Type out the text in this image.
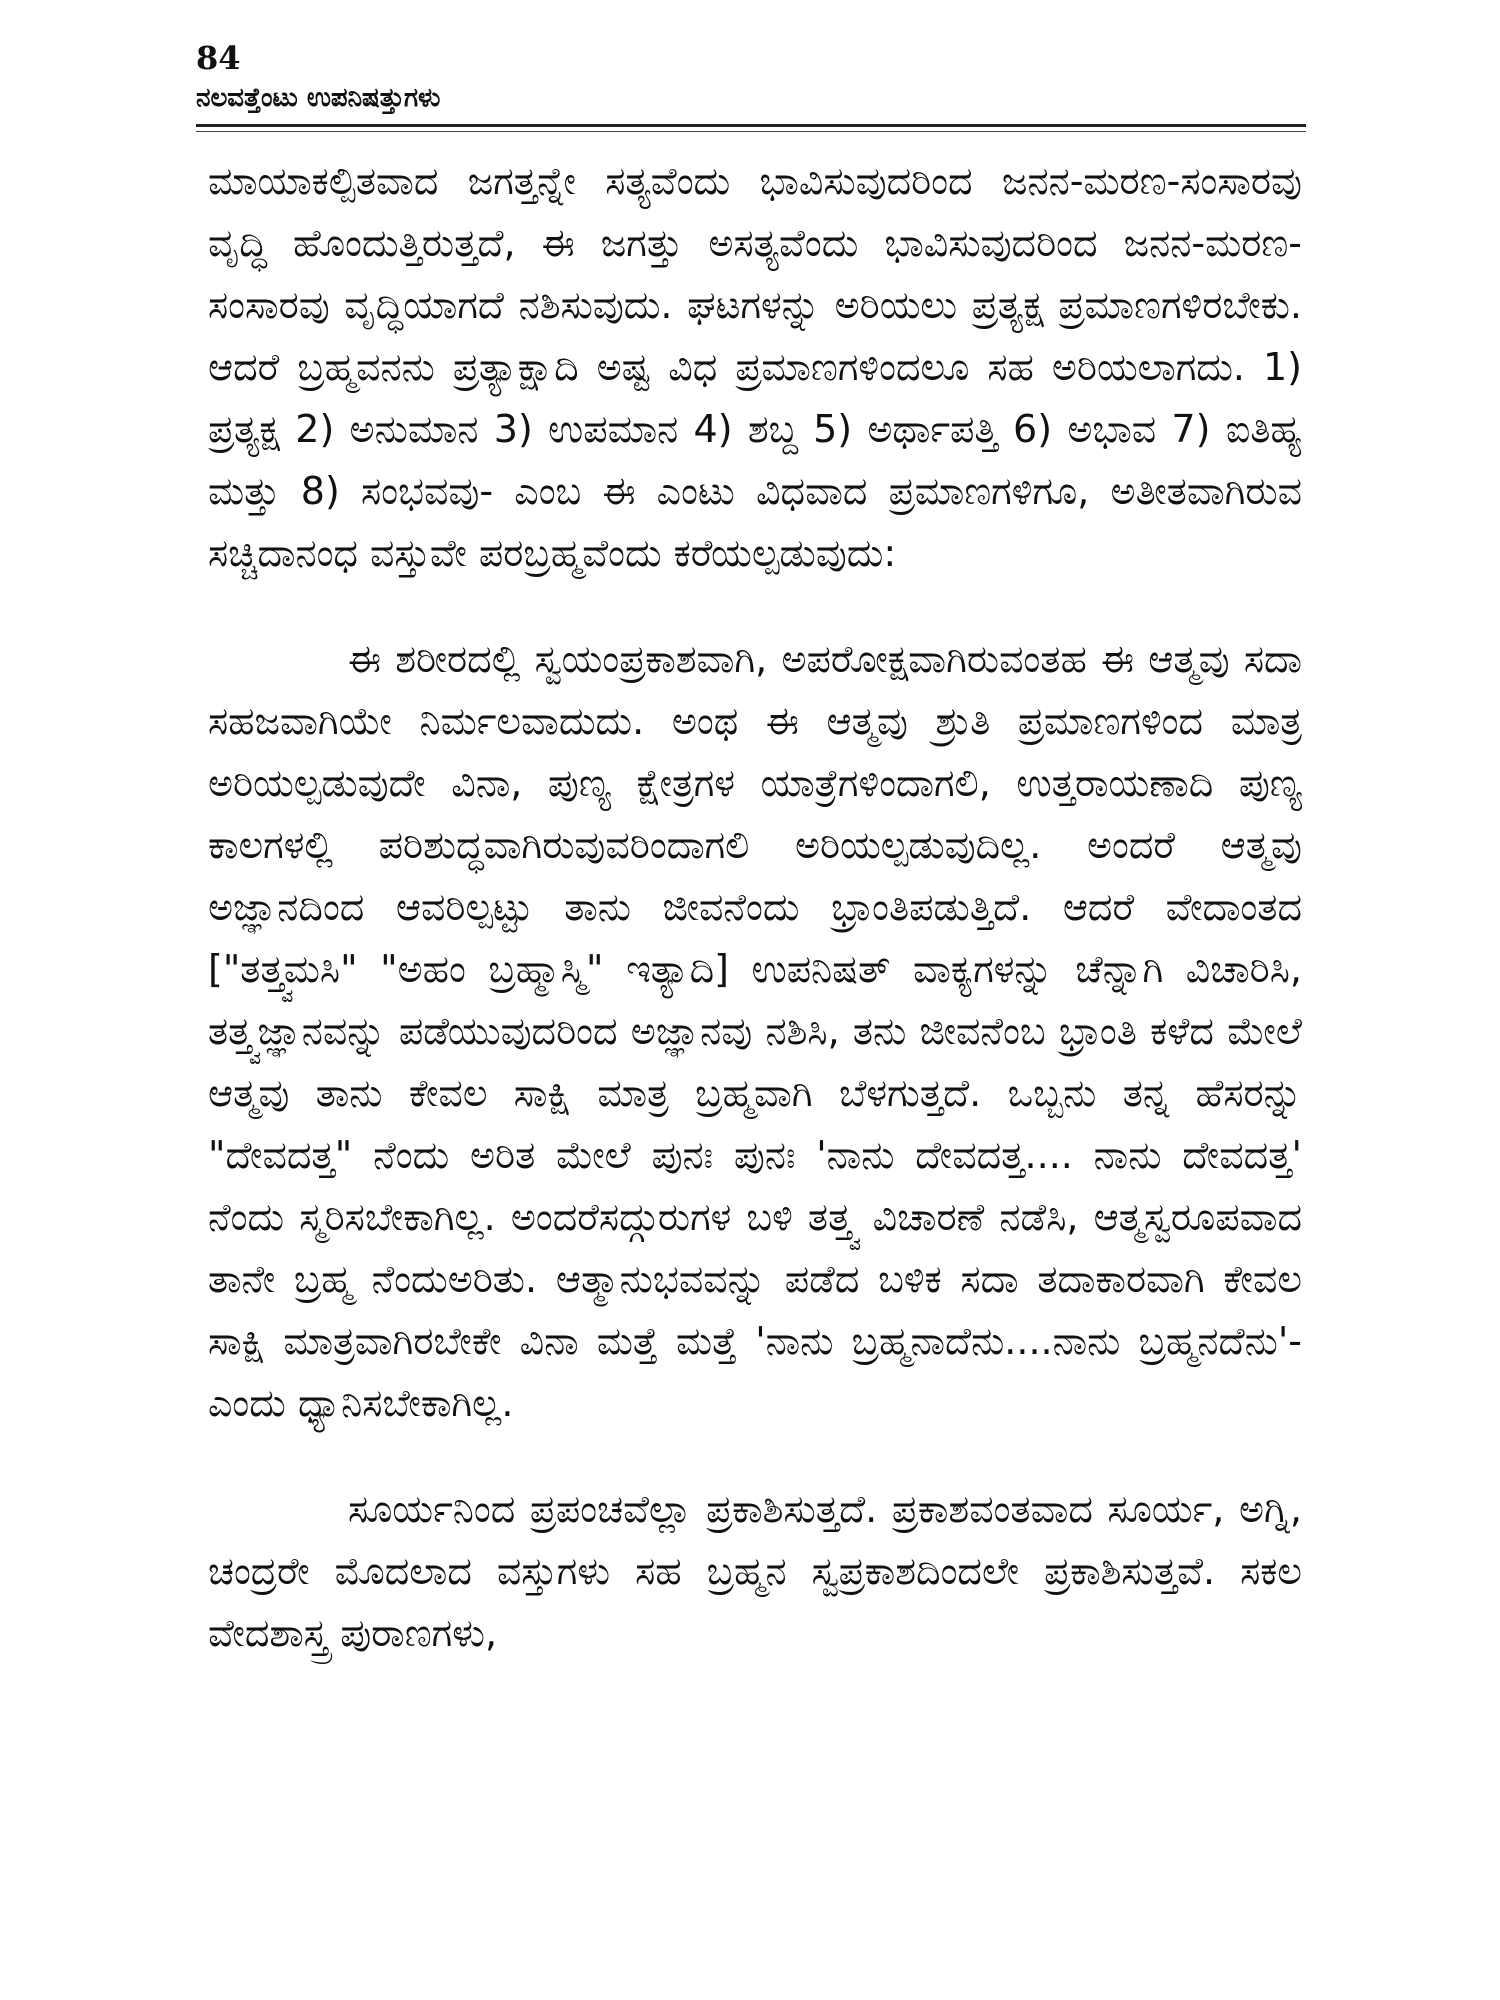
84

ನಲವತ್ತೆಂಟು ಉಪನಿಷತ್ತುಗಳು

ಮಾಯಾಕಲ್ಪಿತವಾದ ಜಗತ್ತನ್ನೇ ಸತ್ಯವೆಂದು ಭಾವಿಸುವುದರಿಂದ ಜನನ-ಮರಣ-ಸಂಸಾರವು ವೃದ್ಧಿ ಹೊಂದುತ್ತಿರುತ್ತದೆ, ಈ ಜಗತ್ತು ಅಸತ್ಯವೆಂದು ಭಾವಿಸುವುದರಿಂದ ಜನನ-ಮರಣ-ಸಂಸಾರವು ವೃದ್ಧಿಯಾಗದೆ ನಶಿಸುವುದು. ಘಟಗಳನ್ನು ಅರಿಯಲು ಪ್ರತ್ಯಕ್ಷ ಪ್ರಮಾಣಗಳಿರಬೇಕು. ಆದರೆ ಬ್ರಹ್ಮವನನು ಪ್ರತ್ಯಾಕ್ಷಾದಿ ಅಷ್ಟ ವಿಧ ಪ್ರಮಾಣಗಳಿಂದಲೂ ಸಹ ಅರಿಯಲಾಗದು. 1) ಪ್ರತ್ಯಕ್ಷ 2) ಅನುಮಾನ 3) ಉಪಮಾನ 4) ಶಬ್ದ 5) ಅರ್ಥಾಪತ್ತಿ 6) ಅಭಾವ 7) ಐತಿಹ್ಯ ಮತ್ತು 8) ಸಂಭವವು- ಎಂಬ ಈ ಎಂಟು ವಿಧವಾದ ಪ್ರಮಾಣಗಳಿಗೂ, ಅತೀತವಾಗಿರುವ ಸಚ್ಚಿದಾನಂಧ ವಸ್ತುವೇ ಪರಬ್ರಹ್ಮವೆಂದು ಕರೆಯಲ್ಪಡುವುದು:

ಈ ಶರೀರದಲ್ಲಿ ಸ್ವಯಂಪ್ರಕಾಶವಾಗಿ, ಅಪರೋಕ್ಷವಾಗಿರುವಂತಹ ಈ ಆತ್ಮವು ಸದಾ ಸಹಜವಾಗಿಯೇ ನಿರ್ಮಲವಾದುದು. ಅಂಥ ಈ ಆತ್ಮವು ಶ್ರುತಿ ಪ್ರಮಾಣಗಳಿಂದ ಮಾತ್ರ ಅರಿಯಲ್ಪಡುವುದೇ ವಿನಾ, ಪುಣ್ಯ ಕ್ಷೇತ್ರಗಳ ಯಾತ್ರೆಗಳಿಂದಾಗಲಿ, ಉತ್ತರಾಯಣಾದಿ ಪುಣ್ಯ ಕಾಲಗಳಲ್ಲಿ ಪರಿಶುದ್ಧವಾಗಿರುವುವರಿಂದಾಗಲಿ ಅರಿಯಲ್ಪಡುವುದಿಲ್ಲ. ಅಂದರೆ ಆತ್ಮವು ಅಜ್ಞಾನದಿಂದ ಆವರಿಲ್ಪಟ್ಟು ತಾನು ಜೀವನೆಂದು ಭ್ರಾಂತಿಪಡುತ್ತಿದೆ. ಆದರೆ ವೇದಾಂತದ ["ತತ್ತ್ವಮಸಿ" "ಅಹಂ ಬ್ರಹ್ಮಾಸ್ಮಿ" ಇತ್ಯಾದಿ] ಉಪನಿಷತ್ ವಾಕ್ಯಗಳನ್ನು ಚೆನ್ನಾಗಿ ವಿಚಾರಿಸಿ, ತತ್ತ್ವಜ್ಞಾನವನ್ನು ಪಡೆಯುವುದರಿಂದ ಅಜ್ಞಾನವು ನಶಿಸಿ, ತನು ಜೀವನೆಂಬ ಭ್ರಾಂತಿ ಕಳೆದ ಮೇಲೆ ಆತ್ಮವು ತಾನು ಕೇವಲ ಸಾಕ್ಷಿ ಮಾತ್ರ ಬ್ರಹ್ಮವಾಗಿ ಬೆಳಗುತ್ತದೆ. ಒಬ್ಬನು ತನ್ನ ಹೆಸರನ್ನು "ದೇವದತ್ತ" ನೆಂದು ಅರಿತ ಮೇಲೆ ಪುನಃ ಪುನಃ 'ನಾನು ದೇವದತ್ತ.... ನಾನು ದೇವದತ್ತ' ನೆಂದು ಸ್ಮರಿಸಬೇಕಾಗಿಲ್ಲ. ಅಂದರೆಸದ್ಗುರುಗಳ ಬಳಿ ತತ್ತ್ವ ವಿಚಾರಣೆ ನಡೆಸಿ, ಆತ್ಮಸ್ವರೂಪವಾದ ತಾನೇ ಬ್ರಹ್ಮ ನೆಂದುಅರಿತು. ಆತ್ಮಾನುಭವವನ್ನು ಪಡೆದ ಬಳಿಕ ಸದಾ ತದಾಕಾರವಾಗಿ ಕೇವಲ ಸಾಕ್ಷಿ ಮಾತ್ರವಾಗಿರಬೇಕೇ ವಿನಾ ಮತ್ತೆ ಮತ್ತೆ 'ನಾನು ಬ್ರಹ್ಮನಾದೆನು....ನಾನು ಬ್ರಹ್ಮನದೆನು'-ಎಂದು ಧ್ಯಾನಿಸಬೇಕಾಗಿಲ್ಲ.

ಸೂರ್ಯನಿಂದ ಪ್ರಪಂಚವೆಲ್ಲಾ ಪ್ರಕಾಶಿಸುತ್ತದೆ. ಪ್ರಕಾಶವಂತವಾದ ಸೂರ್ಯ, ಅಗ್ನಿ, ಚಂದ್ರರೇ ಮೊದಲಾದ ವಸ್ತುಗಳು ಸಹ ಬ್ರಹ್ಮನ ಸ್ವಪ್ರಕಾಶದಿಂದಲೇ ಪ್ರಕಾಶಿಸುತ್ತವೆ. ಸಕಲ ವೇದಶಾಸ್ತ್ರ ಪುರಾಣಗಳು,
